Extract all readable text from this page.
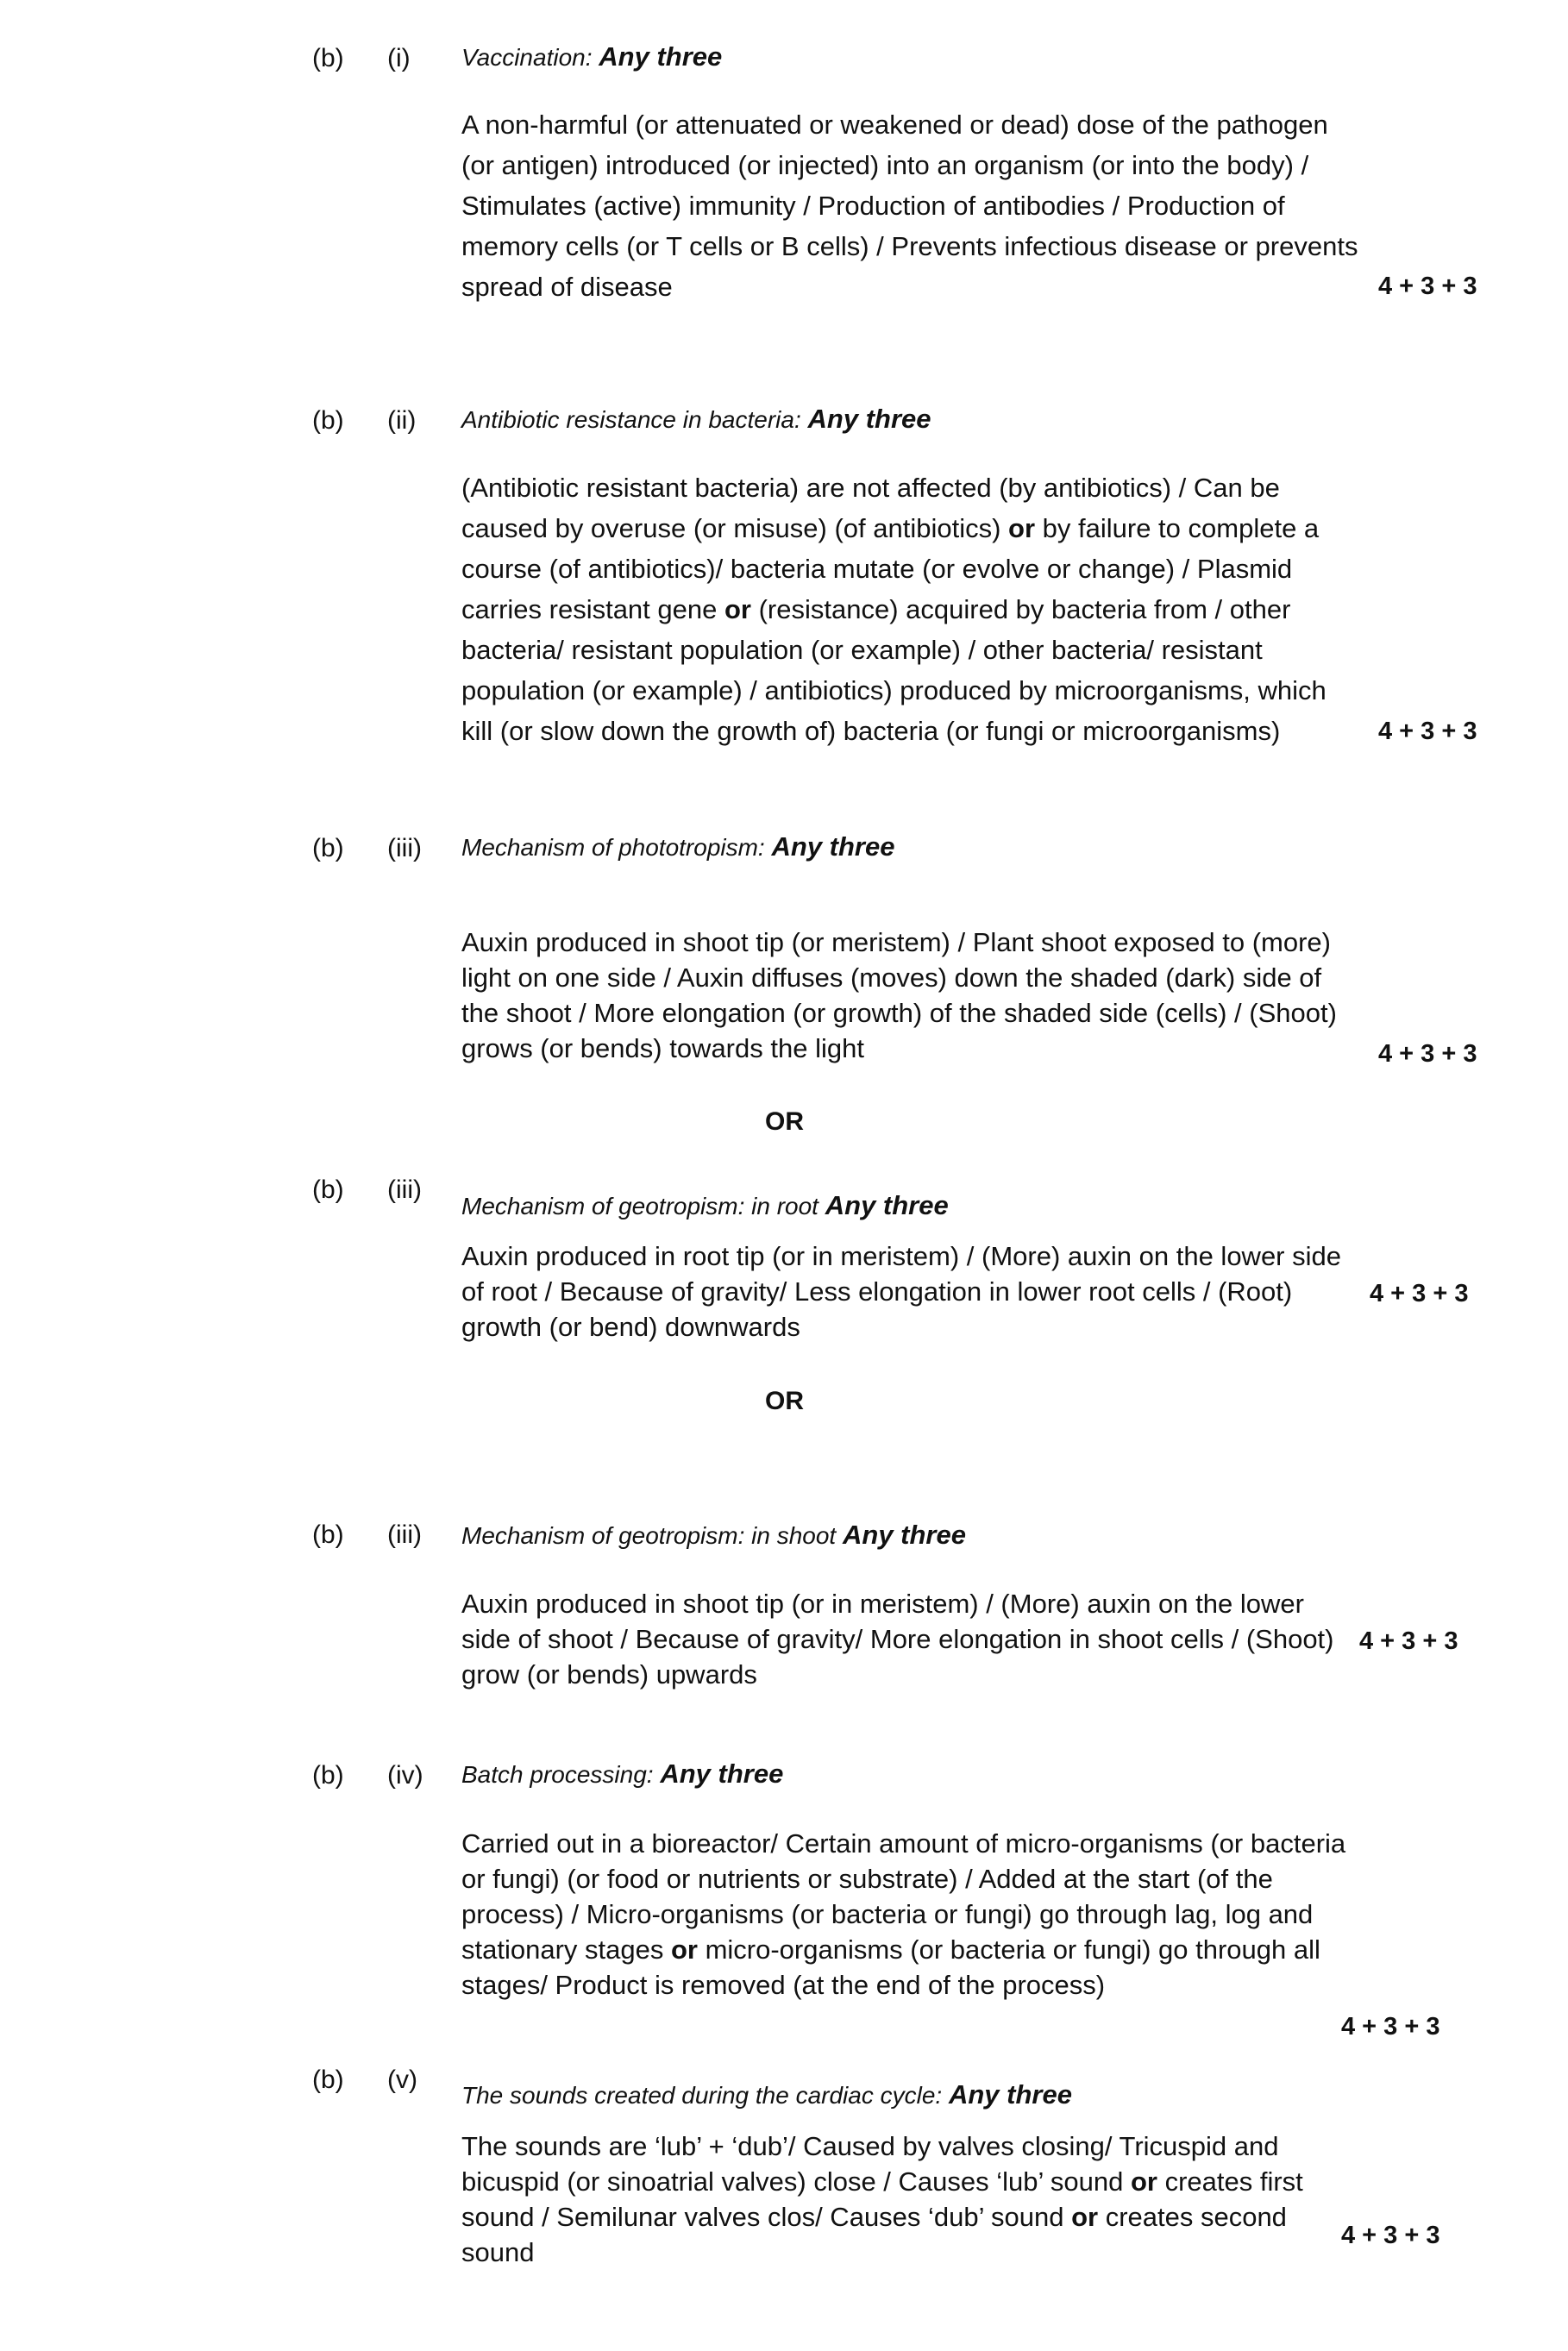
(b) (i) Vaccination: Any three
A non-harmful (or attenuated or weakened or dead) dose of the pathogen (or antigen) introduced (or injected) into an organism (or into the body) / Stimulates (active) immunity / Production of antibodies / Production of memory cells (or T cells or B cells) / Prevents infectious disease or prevents spread of disease	4 + 3 + 3
(b) (ii) Antibiotic resistance in bacteria: Any three
(Antibiotic resistant bacteria) are not affected (by antibiotics) / Can be caused by overuse (or misuse) (of antibiotics) or by failure to complete a course (of antibiotics)/ bacteria mutate (or evolve or change) / Plasmid carries resistant gene or (resistance) acquired by bacteria from / other bacteria/ resistant population (or example) / other bacteria/ resistant population (or example) / antibiotics) produced by microorganisms, which kill (or slow down the growth of) bacteria (or fungi or microorganisms)	4 + 3 + 3
(b) (iii) Mechanism of phototropism: Any three
Auxin produced in shoot tip (or meristem) / Plant shoot exposed to (more) light on one side / Auxin diffuses (moves) down the shaded (dark) side of the shoot / More elongation (or growth) of the shaded side (cells) / (Shoot) grows (or bends) towards the light	4 + 3 + 3
OR
(b) (iii)
Mechanism of geotropism: in root Any three
Auxin produced in root tip (or in meristem) / (More) auxin on the lower side of root / Because of gravity/ Less elongation in lower root cells / (Root) growth (or bend) downwards
4 + 3 + 3
OR
(b) (iii) Mechanism of geotropism: in shoot Any three
Auxin produced in shoot tip (or in meristem) / (More) auxin on the lower side of shoot / Because of gravity/ More elongation in shoot cells / (Shoot) grow (or bends) upwards
4 + 3 + 3
(b) (iv) Batch processing: Any three
Carried out in a bioreactor/ Certain amount of micro-organisms (or bacteria or fungi) (or food or nutrients or substrate) / Added at the start (of the process) / Micro-organisms (or bacteria or fungi) go through lag, log and stationary stages or micro-organisms (or bacteria or fungi) go through all stages/ Product is removed (at the end of the process)
4 + 3 + 3
(b) (v)
The sounds created during the cardiac cycle: Any three
The sounds are ‘lub’ + ‘dub’/ Caused by valves closing/ Tricuspid and bicuspid (or sinoatrial valves) close / Causes ‘lub’ sound or creates first sound / Semilunar valves clos/ Causes ‘dub’ sound or creates second sound
4 + 3 + 3
